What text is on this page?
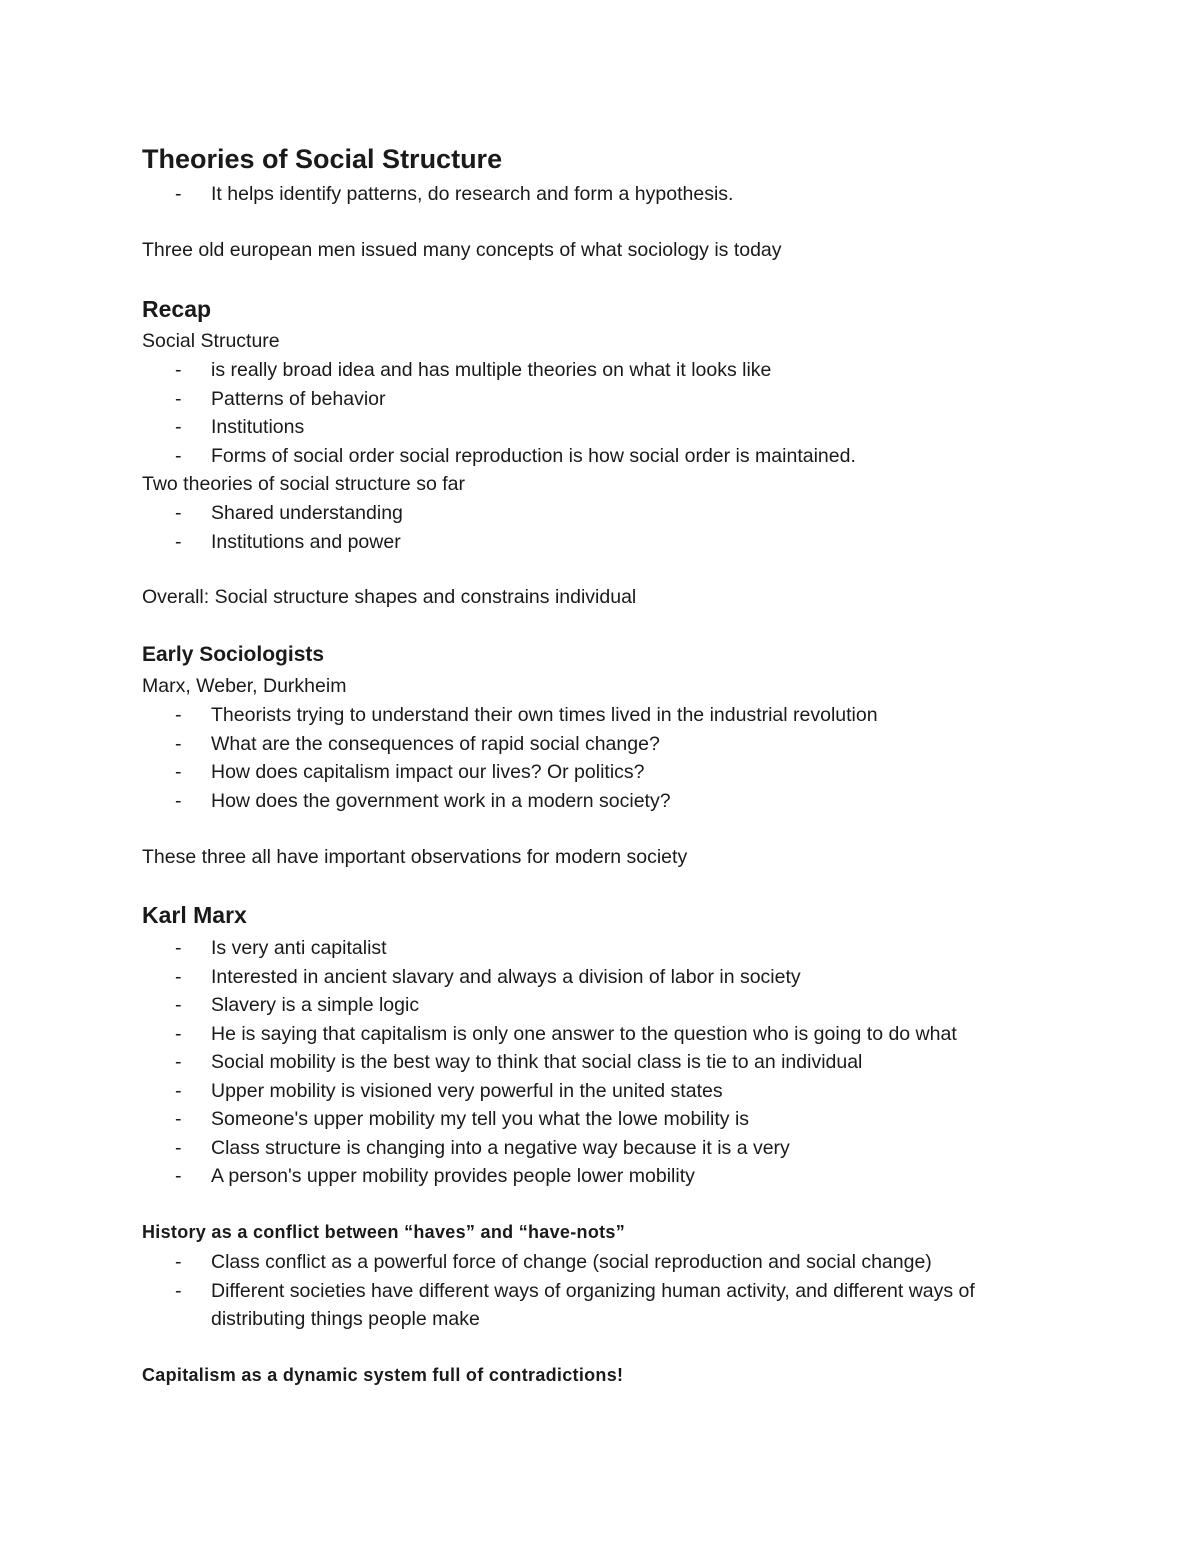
Theories of Social Structure
- It helps identify patterns, do research and form a hypothesis.

Three old european men issued many concepts of what sociology is today

Recap

Social Structure

- is really broad idea and has multiple theories on what it looks like
- Patterns of behavior
- Institutions
- Forms of social order social reproduction is how social order is maintained.

Two theories of social structure so far

- Shared understanding
- Institutions and power

Overall: Social structure shapes and constrains individual

Early Sociologists

Marx, Weber, Durkheim

- Theorists trying to understand their own times lived in the industrial revolution
- What are the consequences of rapid social change?
- How does capitalism impact our lives? Or politics?
- How does the government work in a modern society?

These three all have important observations for modern society

Karl Marx
- Is very anti capitalist
- Interested in ancient slavary and always a division of labor in society
- Slavery is a simple logic
- He is saying that capitalism is only one answer to the question who is going to do what
- Social mobility is the best way to think that social class is tie to an individual
- Upper mobility is visioned very powerful in the united states
- Someone's upper mobility my tell you what the lowe mobility is
- Class structure is changing into a negative way because it is a very
- A person's upper mobility provides people lower mobility
History as a conflict between “haves” and “have-nots”
- Class conflict as a powerful force of change (social reproduction and social change)
- Different societies have different ways of organizing human activity, and different ways of distributing things people make
Capitalism as a dynamic system full of contradictions!
